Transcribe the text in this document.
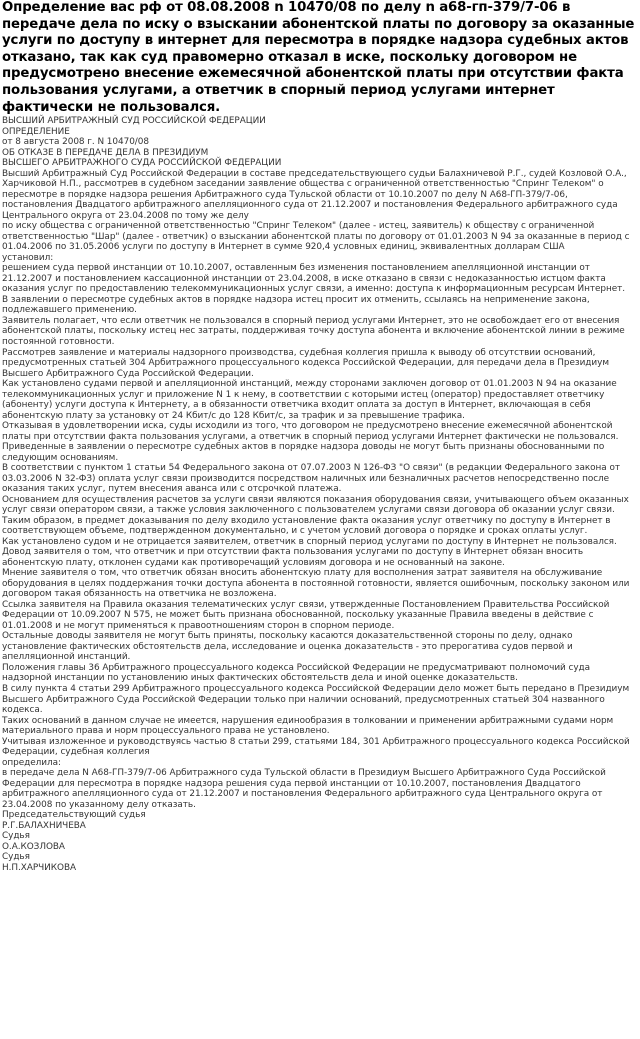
Определение вас рф от 08.08.2008 n 10470/08 по делу n а68-гп-379/7-06 в передаче дела по иску о взыскании абонентской платы по договору за оказанные услуги по доступу в интернет для пересмотра в порядке надзора судебных актов отказано, так как суд правомерно отказал в иске, поскольку договором не предусмотрено внесение ежемесячной абонентской платы при отсутствии факта пользования услугами, а ответчик в спорный период услугами интернет фактически не пользовался.

ВЫСШИЙ АРБИТРАЖНЫЙ СУД РОССИЙСКОЙ ФЕДЕРАЦИИ

ОПРЕДЕЛЕНИЕ

от 8 августа 2008 г. N 10470/08

ОБ ОТКАЗЕ В ПЕРЕДАЧЕ ДЕЛА В ПРЕЗИДИУМ

ВЫСШЕГО АРБИТРАЖНОГО СУДА РОССИЙСКОЙ ФЕДЕРАЦИИ

Высший Арбитражный Суд Российской Федерации в составе председательствующего судьи Балахничевой Р.Г., судей Козловой О.А., Харчиковой Н.П., рассмотрев в судебном заседании заявление общества с ограниченной ответственностью "Спринг Телеком" о пересмотре в порядке надзора решения Арбитражного суда Тульской области от 10.10.2007 по делу N А68-ГП-379/7-06, постановления Двадцатого арбитражного апелляционного суда от 21.12.2007 и постановления Федерального арбитражного суда Центрального округа от 23.04.2008 по тому же делу

по иску общества с ограниченной ответственностью "Спринг Телеком" (далее - истец, заявитель) к обществу с ограниченной ответственностью "Шар" (далее - ответчик) о взыскании абонентской платы по договору от 01.01.2003 N 94 за оказанные в период с 01.04.2006 по 31.05.2006 услуги по доступу в Интернет в сумме 920,4 условных единиц, эквивалентных долларам США

установил:

решением суда первой инстанции от 10.10.2007, оставленным без изменения постановлением апелляционной инстанции от 21.12.2007 и постановлением кассационной инстанции от 23.04.2008, в иске отказано в связи с недоказанностью истцом факта оказания услуг по предоставлению телекоммуникационных услуг связи, а именно: доступа к информационным ресурсам Интернет.

В заявлении о пересмотре судебных актов в порядке надзора истец просит их отменить, ссылаясь на неприменение закона, подлежавшего применению.

Заявитель полагает, что если ответчик не пользовался в спорный период услугами Интернет, это не освобождает его от внесения абонентской платы, поскольку истец нес затраты, поддерживая точку доступа абонента и включение абонентской линии в режиме постоянной готовности.

Рассмотрев заявление и материалы надзорного производства, судебная коллегия пришла к выводу об отсутствии оснований, предусмотренных статьей 304 Арбитражного процессуального кодекса Российской Федерации, для передачи дела в Президиум Высшего Арбитражного Суда Российской Федерации.

Как установлено судами первой и апелляционной инстанций, между сторонами заключен договор от 01.01.2003 N 94 на оказание телекоммуникационных услуг и приложение N 1 к нему, в соответствии с которыми истец (оператор) предоставляет ответчику (абоненту) услуги доступа к Интернету, а в обязанности ответчика входит оплата за доступ в Интернет, включающая в себя абонентскую плату за установку от 24 Кбит/с до 128 Кбит/с, за трафик и за превышение трафика.

Отказывая в удовлетворении иска, суды исходили из того, что договором не предусмотрено внесение ежемесячной абонентской платы при отсутствии факта пользования услугами, а ответчик в спорный период услугами Интернет фактически не пользовался.

Приведенные в заявлении о пересмотре судебных актов в порядке надзора доводы не могут быть признаны обоснованными по следующим основаниям.

В соответствии с пунктом 1 статьи 54 Федерального закона от 07.07.2003 N 126-ФЗ "О связи" (в редакции Федерального закона от 03.03.2006 N 32-ФЗ) оплата услуг связи производится посредством наличных или безналичных расчетов непосредственно после оказания таких услуг, путем внесения аванса или с отсрочкой платежа.

Основанием для осуществления расчетов за услуги связи являются показания оборудования связи, учитывающего объем оказанных услуг связи оператором связи, а также условия заключенного с пользователем услугами связи договора об оказании услуг связи.

Таким образом, в предмет доказывания по делу входило установление факта оказания услуг ответчику по доступу в Интернет в соответствующем объеме, подтвержденном документально, и с учетом условий договора о порядке и сроках оплаты услуг.

Как установлено судом и не отрицается заявителем, ответчик в спорный период услугами по доступу в Интернет не пользовался.

Довод заявителя о том, что ответчик и при отсутствии факта пользования услугами по доступу в Интернет обязан вносить абонентскую плату, отклонен судами как противоречащий условиям договора и не основанный на законе.

Мнение заявителя о том, что ответчик обязан вносить абонентскую плату для восполнения затрат заявителя на обслуживание оборудования в целях поддержания точки доступа абонента в постоянной готовности, является ошибочным, поскольку законом или договором такая обязанность на ответчика не возложена.

Ссылка заявителя на Правила оказания телематических услуг связи, утвержденные Постановлением Правительства Российской Федерации от 10.09.2007 N 575, не может быть признана обоснованной, поскольку указанные Правила введены в действие с 01.01.2008 и не могут применяться к правоотношениям сторон в спорном периоде.

Остальные доводы заявителя не могут быть приняты, поскольку касаются доказательственной стороны по делу, однако установление фактических обстоятельств дела, исследование и оценка доказательств - это прерогатива судов первой и апелляционной инстанций.

Положения главы 36 Арбитражного процессуального кодекса Российской Федерации не предусматривают полномочий суда надзорной инстанции по установлению иных фактических обстоятельств дела и иной оценке доказательств.

В силу пункта 4 статьи 299 Арбитражного процессуального кодекса Российской Федерации дело может быть передано в Президиум Высшего Арбитражного Суда Российской Федерации только при наличии оснований, предусмотренных статьей 304 названного кодекса.

Таких оснований в данном случае не имеется, нарушения единообразия в толковании и применении арбитражными судами норм материального права и норм процессуального права не установлено.

Учитывая изложенное и руководствуясь частью 8 статьи 299, статьями 184, 301 Арбитражного процессуального кодекса Российской Федерации, судебная коллегия

определила:

в передаче дела N А68-ГП-379/7-06 Арбитражного суда Тульской области в Президиум Высшего Арбитражного Суда Российской Федерации для пересмотра в порядке надзора решения суда первой инстанции от 10.10.2007, постановления Двадцатого арбитражного апелляционного суда от 21.12.2007 и постановления Федерального арбитражного суда Центрального округа от 23.04.2008 по указанному делу отказать.

Председательствующий судья

Р.Г.БАЛАХНИЧЕВА

Судья

О.А.КОЗЛОВА

Судья

Н.П.ХАРЧИКОВА
